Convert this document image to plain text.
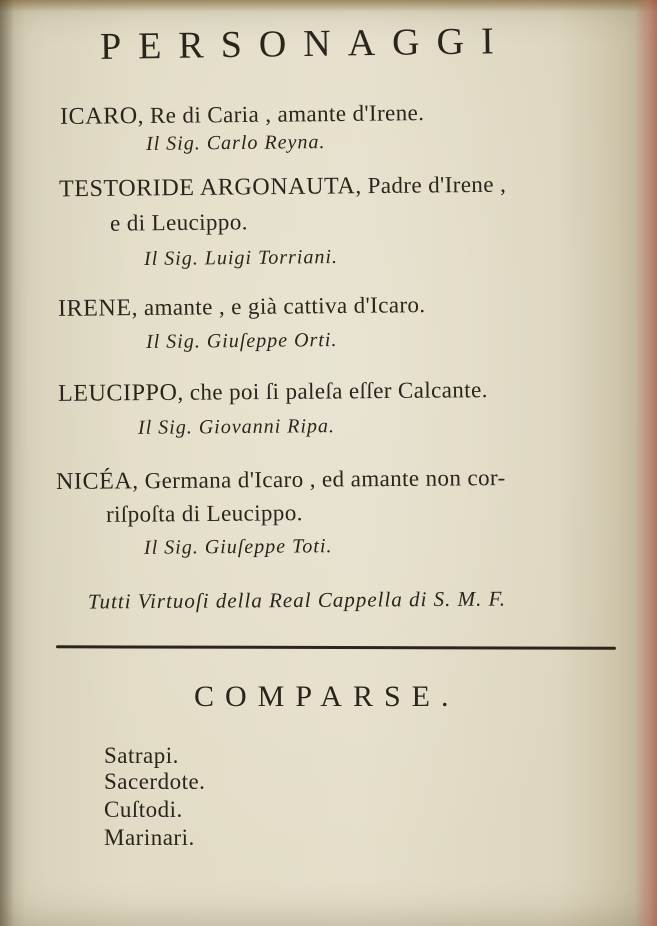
PERSONAGGI
ICARO, Re di Caria , amante d'Irene.
Il Sig. Carlo Reyna.
TESTORIDE ARGONAUTA, Padre d'Irene ,
e di Leucippo.
Il Sig. Luigi Torriani.
IRENE, amante , e già cattiva d'Icaro.
Il Sig. Giuſeppe Orti.
LEUCIPPO, che poi ſi paleſa eſſer Calcante.
Il Sig. Giovanni Ripa.
NICÉA, Germana d'Icaro , ed amante non cor-
riſpoſta di Leucippo.
Il Sig. Giuſeppe Toti.
Tutti Virtuoſi della Real Cappella di S. M. F.
COMPARSE.
Satrapi.
Sacerdote.
Cuſtodi.
Marinari.
